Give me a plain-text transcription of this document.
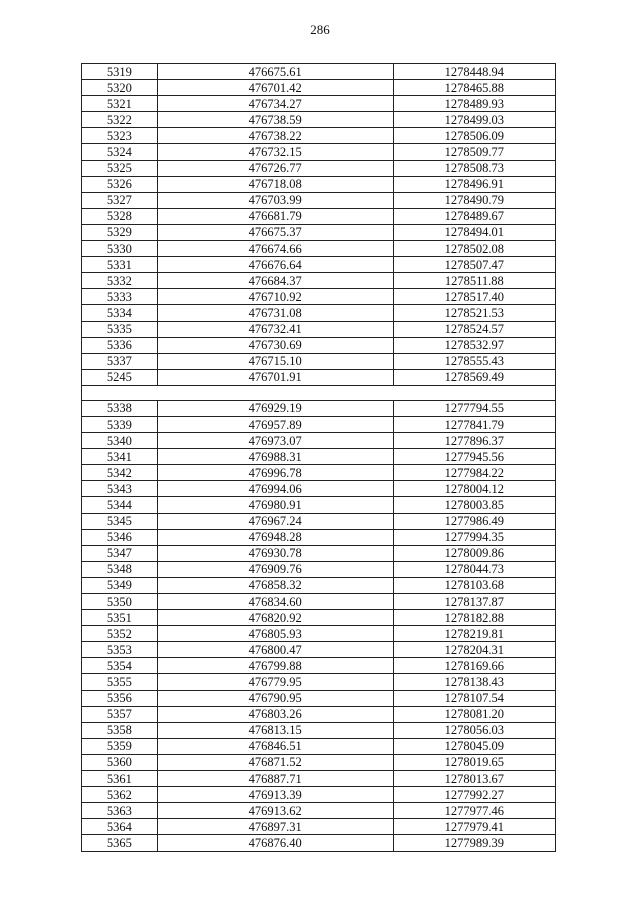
286
5319	476675.61	1278448.94
5320	476701.42	1278465.88
5321	476734.27	1278489.93
5322	476738.59	1278499.03
5323	476738.22	1278506.09
5324	476732.15	1278509.77
5325	476726.77	1278508.73
5326	476718.08	1278496.91
5327	476703.99	1278490.79
5328	476681.79	1278489.67
5329	476675.37	1278494.01
5330	476674.66	1278502.08
5331	476676.64	1278507.47
5332	476684.37	1278511.88
5333	476710.92	1278517.40
5334	476731.08	1278521.53
5335	476732.41	1278524.57
5336	476730.69	1278532.97
5337	476715.10	1278555.43
5245	476701.91	1278569.49

5338	476929.19	1277794.55
5339	476957.89	1277841.79
5340	476973.07	1277896.37
5341	476988.31	1277945.56
5342	476996.78	1277984.22
5343	476994.06	1278004.12
5344	476980.91	1278003.85
5345	476967.24	1277986.49
5346	476948.28	1277994.35
5347	476930.78	1278009.86
5348	476909.76	1278044.73
5349	476858.32	1278103.68
5350	476834.60	1278137.87
5351	476820.92	1278182.88
5352	476805.93	1278219.81
5353	476800.47	1278204.31
5354	476799.88	1278169.66
5355	476779.95	1278138.43
5356	476790.95	1278107.54
5357	476803.26	1278081.20
5358	476813.15	1278056.03
5359	476846.51	1278045.09
5360	476871.52	1278019.65
5361	476887.71	1278013.67
5362	476913.39	1277992.27
5363	476913.62	1277977.46
5364	476897.31	1277979.41
5365	476876.40	1277989.39
